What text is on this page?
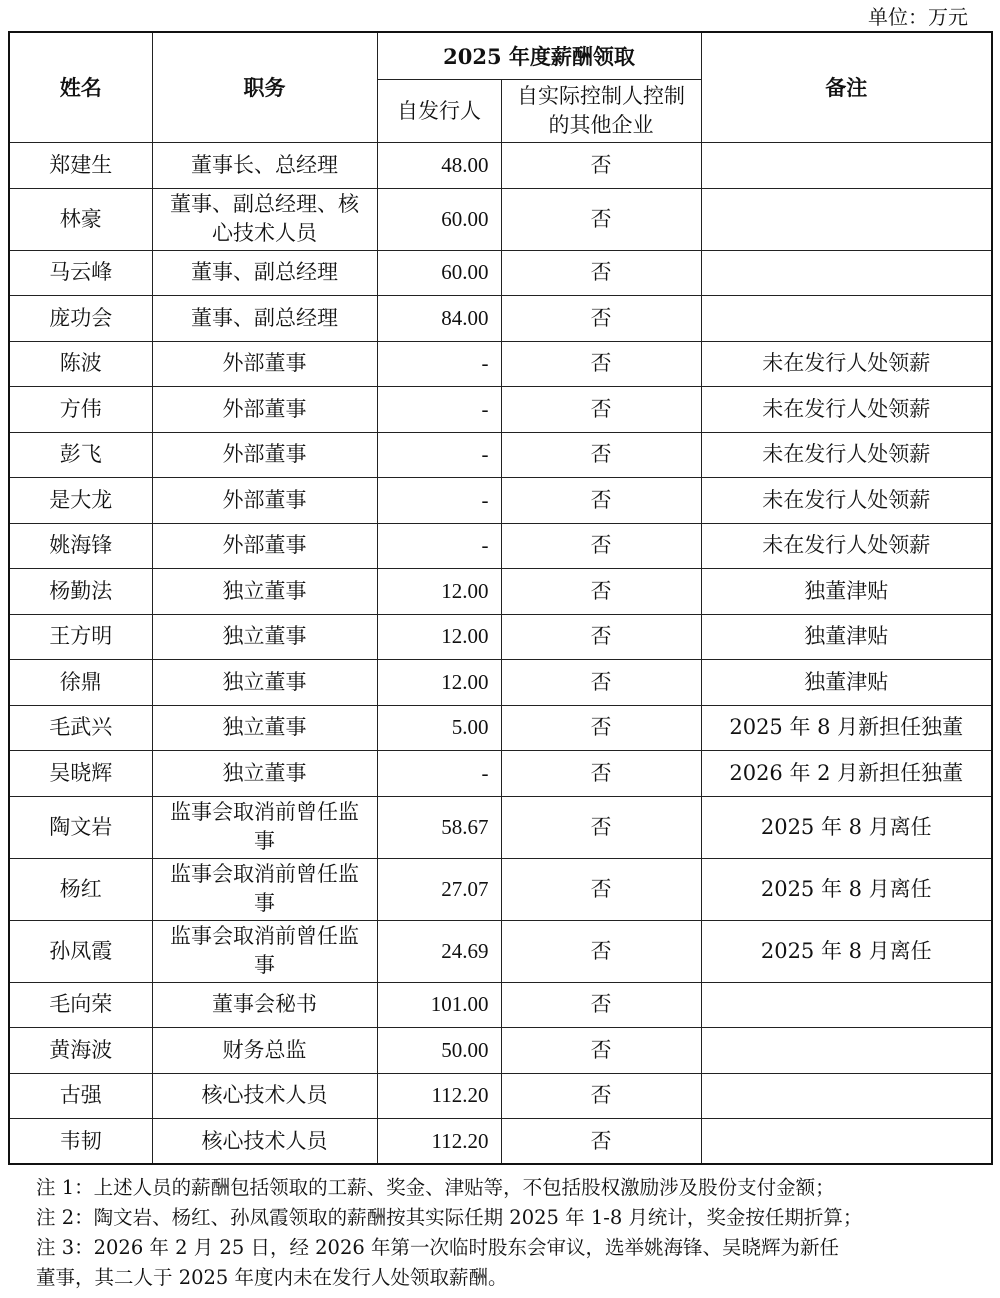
单位：万元
姓名	职务	2025 年度薪酬领取		备注
		自发行人	自实际控制人控制的其他企业	
郑建生	董事长、总经理	48.00	否	
林豪	董事、副总经理、核心技术人员	60.00	否	
马云峰	董事、副总经理	60.00	否	
庞功会	董事、副总经理	84.00	否	
陈波	外部董事	-	否	未在发行人处领薪
方伟	外部董事	-	否	未在发行人处领薪
彭飞	外部董事	-	否	未在发行人处领薪
是大龙	外部董事	-	否	未在发行人处领薪
姚海锋	外部董事	-	否	未在发行人处领薪
杨勤法	独立董事	12.00	否	独董津贴
王方明	独立董事	12.00	否	独董津贴
徐鼎	独立董事	12.00	否	独董津贴
毛武兴	独立董事	5.00	否	2025 年 8 月新担任独董
吴晓辉	独立董事	-	否	2026 年 2 月新担任独董
陶文岩	监事会取消前曾任监事	58.67	否	2025 年 8 月离任
杨红	监事会取消前曾任监事	27.07	否	2025 年 8 月离任
孙凤霞	监事会取消前曾任监事	24.69	否	2025 年 8 月离任
毛向荣	董事会秘书	101.00	否	
黄海波	财务总监	50.00	否	
古强	核心技术人员	112.20	否	
韦韧	核心技术人员	112.20	否	
注 1：上述人员的薪酬包括领取的工薪、奖金、津贴等，不包括股权激励涉及股份支付金额；
注 2：陶文岩、杨红、孙凤霞领取的薪酬按其实际任期 2025 年 1-8 月统计，奖金按任期折算；
注 3：2026 年 2 月 25 日，经 2026 年第一次临时股东会审议，选举姚海锋、吴晓辉为新任
董事，其二人于 2025 年度内未在发行人处领取薪酬。
